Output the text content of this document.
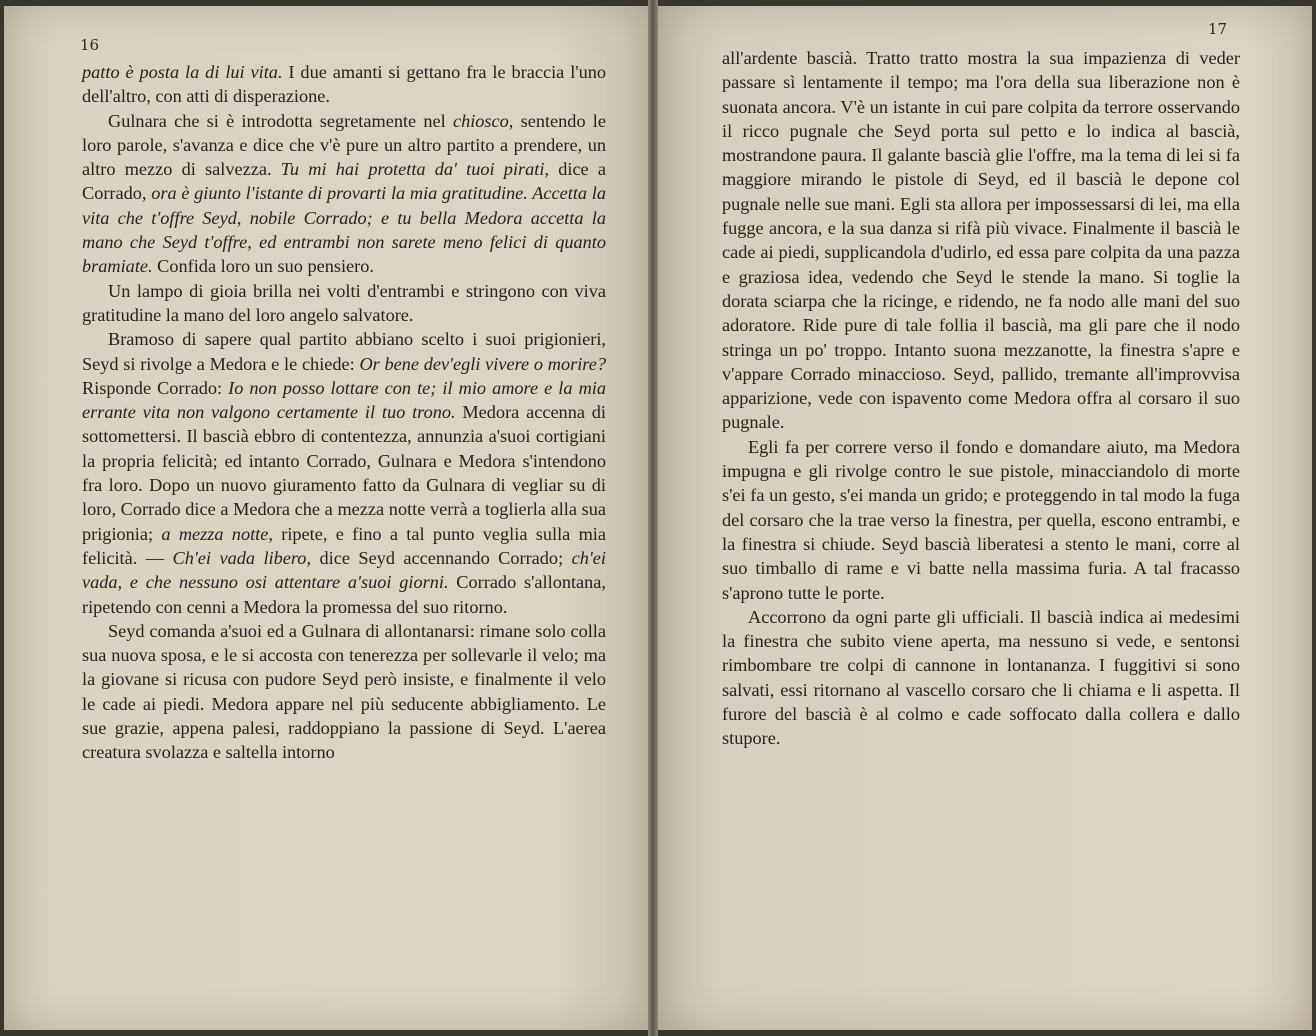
16
17

patto è posta la di lui vita. I due amanti si gettano fra le braccia l'uno dell'altro, con atti di disperazione.

Gulnara che si è introdotta segretamente nel chiosco, sentendo le loro parole, s'avanza e dice che v'è pure un altro partito a prendere, un altro mezzo di salvezza. Tu mi hai protetta da' tuoi pirati, dice a Corrado, ora è giunto l'istante di provarti la mia gratitudine. Accetta la vita che t'offre Seyd, nobile Corrado; e tu bella Medora accetta la mano che Seyd t'offre, ed entrambi non sarete meno felici di quanto bramiate. Confida loro un suo pensiero.

Un lampo di gioia brilla nei volti d'entrambi e stringono con viva gratitudine la mano del loro angelo salvatore.

Bramoso di sapere qual partito abbiano scelto i suoi prigionieri, Seyd si rivolge a Medora e le chiede: Or bene dev'egli vivere o morire? Risponde Corrado: Io non posso lottare con te; il mio amore e la mia errante vita non valgono certamente il tuo trono. Medora accenna di sottomettersi. Il bascià ebbro di contentezza, annunzia a'suoi cortigiani la propria felicità; ed intanto Corrado, Gulnara e Medora s'intendono fra loro. Dopo un nuovo giuramento fatto da Gulnara di vegliar su di loro, Corrado dice a Medora che a mezza notte verrà a toglierla alla sua prigionia; a mezza notte, ripete, e fino a tal punto veglia sulla mia felicità. — Ch'ei vada libero, dice Seyd accennando Corrado; ch'ei vada, e che nessuno osi attentare a'suoi giorni. Corrado s'allontana, ripetendo con cenni a Medora la promessa del suo ritorno.

Seyd comanda a'suoi ed a Gulnara di allontanarsi: rimane solo colla sua nuova sposa, e le si accosta con tenerezza per sollevarle il velo; ma la giovane si ricusa con pudore Seyd però insiste, e finalmente il velo le cade ai piedi. Medora appare nel più seducente abbigliamento. Le sue grazie, appena palesi, raddoppiano la passione di Seyd. L'aerea creatura svolazza e saltella intorno

all'ardente bascià. Tratto tratto mostra la sua impazienza di veder passare sì lentamente il tempo; ma l'ora della sua liberazione non è suonata ancora. V'è un istante in cui pare colpita da terrore osservando il ricco pugnale che Seyd porta sul petto e lo indica al bascià, mostrandone paura. Il galante bascià glie l'offre, ma la tema di lei si fa maggiore mirando le pistole di Seyd, ed il bascià le depone col pugnale nelle sue mani. Egli sta allora per impossessarsi di lei, ma ella fugge ancora, e la sua danza si rifà più vivace. Finalmente il bascià le cade ai piedi, supplicandola d'udirlo, ed essa pare colpita da una pazza e graziosa idea, vedendo che Seyd le stende la mano. Si toglie la dorata sciarpa che la ricinge, e ridendo, ne fa nodo alle mani del suo adoratore. Ride pure di tale follia il bascià, ma gli pare che il nodo stringa un po' troppo. Intanto suona mezzanotte, la finestra s'apre e v'appare Corrado minaccioso. Seyd, pallido, tremante all'improvvisa apparizione, vede con ispavento come Medora offra al corsaro il suo pugnale.

Egli fa per correre verso il fondo e domandare aiuto, ma Medora impugna e gli rivolge contro le sue pistole, minacciandolo di morte s'ei fa un gesto, s'ei manda un grido; e proteggendo in tal modo la fuga del corsaro che la trae verso la finestra, per quella, escono entrambi, e la finestra si chiude. Seyd bascià liberatesi a stento le mani, corre al suo timballo di rame e vi batte nella massima furia. A tal fracasso s'aprono tutte le porte.

Accorrono da ogni parte gli ufficiali. Il bascià indica ai medesimi la finestra che subito viene aperta, ma nessuno si vede, e sentonsi rimbombare tre colpi di cannone in lontananza. I fuggitivi si sono salvati, essi ritornano al vascello corsaro che li chiama e li aspetta. Il furore del bascià è al colmo e cade soffocato dalla collera e dallo stupore.
